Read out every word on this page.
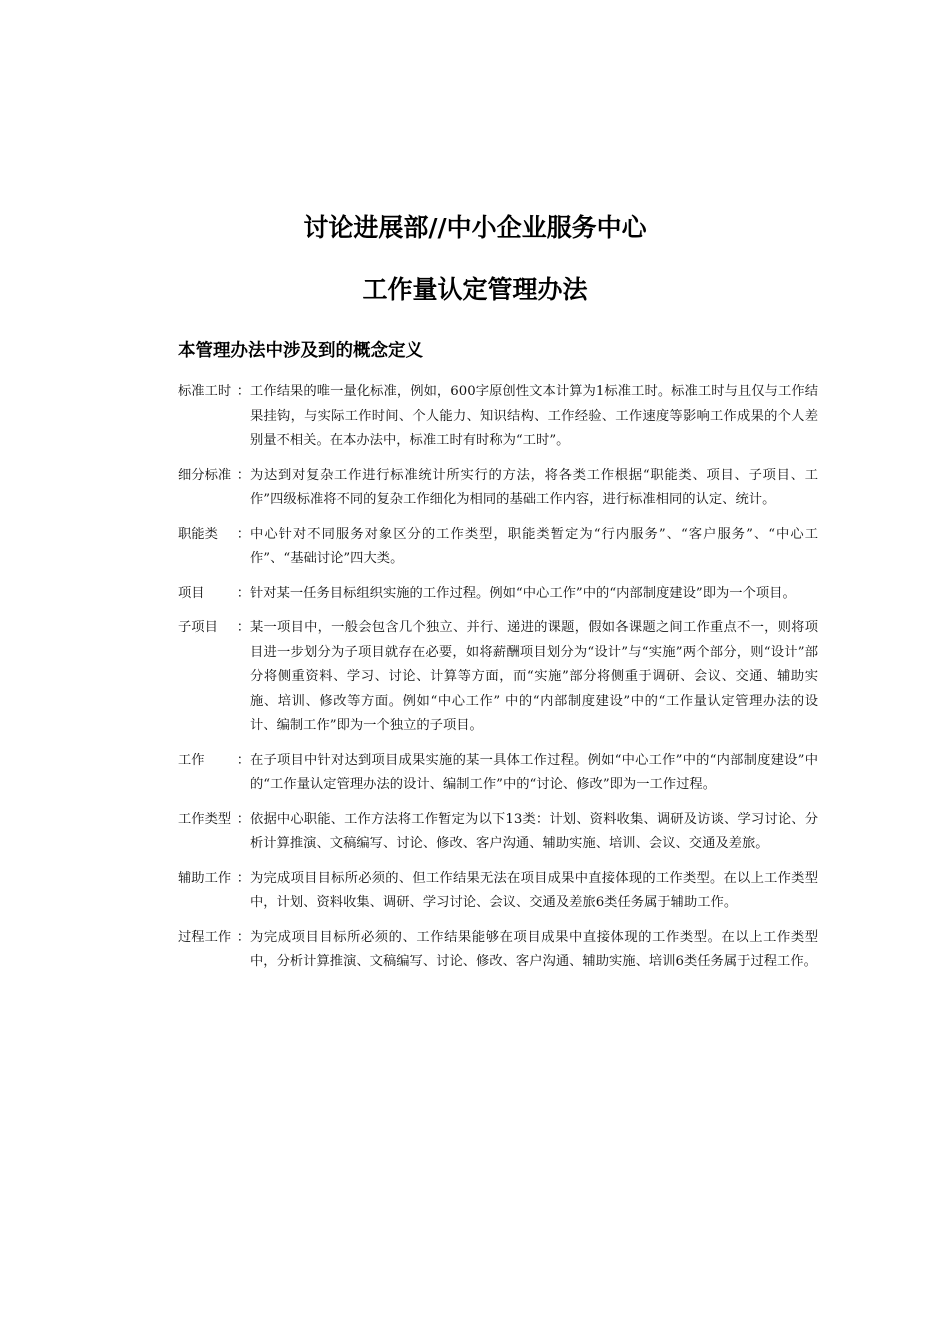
讨论进展部//中小企业服务中心
工作量认定管理办法
本管理办法中涉及到的概念定义
标准工时 ： 工作结果的唯一量化标准，例如，600字原创性文本计算为1标准工时。标准工时与且仅与工作结果挂钩，与实际工作时间、个人能力、知识结构、工作经验、工作速度等影响工作成果的个人差别量不相关。在本办法中，标准工时有时称为“工时”。
细分标准 ： 为达到对复杂工作进行标准统计所实行的方法，将各类工作根据“职能类、项目、子项目、工作”四级标准将不同的复杂工作细化为相同的基础工作内容，进行标准相同的认定、统计。
职能类	： 中心针对不同服务对象区分的工作类型，职能类暂定为“行内服务”、“客户服务”、“中心工作”、“基础讨论”四大类。
项目	： 针对某一任务目标组织实施的工作过程。例如“中心工作”中的“内部制度建设”即为一个项目。
子项目	： 某一项目中，一般会包含几个独立、并行、递进的课题，假如各课题之间工作重点不一，则将项目进一步划分为子项目就存在必要，如将薪酬项目划分为“设计”与“实施”两个部分，则“设计”部分将侧重资料、学习、讨论、计算等方面，而“实施”部分将侧重于调研、会议、交通、辅助实施、培训、修改等方面。例如“中心工作” 中的“内部制度建设”中的“工作量认定管理办法的设计、编制工作”即为一个独立的子项目。
工作	： 在子项目中针对达到项目成果实施的某一具体工作过程。例如“中心工作”中的“内部制度建设”中的“工作量认定管理办法的设计、编制工作”中的“讨论、修改”即为一工作过程。
工作类型 ： 依据中心职能、工作方法将工作暂定为以下13类：计划、资料收集、调研及访谈、学习讨论、分析计算推演、文稿编写、讨论、修改、客户沟通、辅助实施、培训、会议、交通及差旅。
辅助工作 ： 为完成项目目标所必须的、但工作结果无法在项目成果中直接体现的工作类型。在以上工作类型中，计划、资料收集、调研、学习讨论、会议、交通及差旅6类任务属于辅助工作。
过程工作 ： 为完成项目目标所必须的、工作结果能够在项目成果中直接体现的工作类型。在以上工作类型中，分析计算推演、文稿编写、讨论、修改、客户沟通、辅助实施、培训6类任务属于过程工作。
